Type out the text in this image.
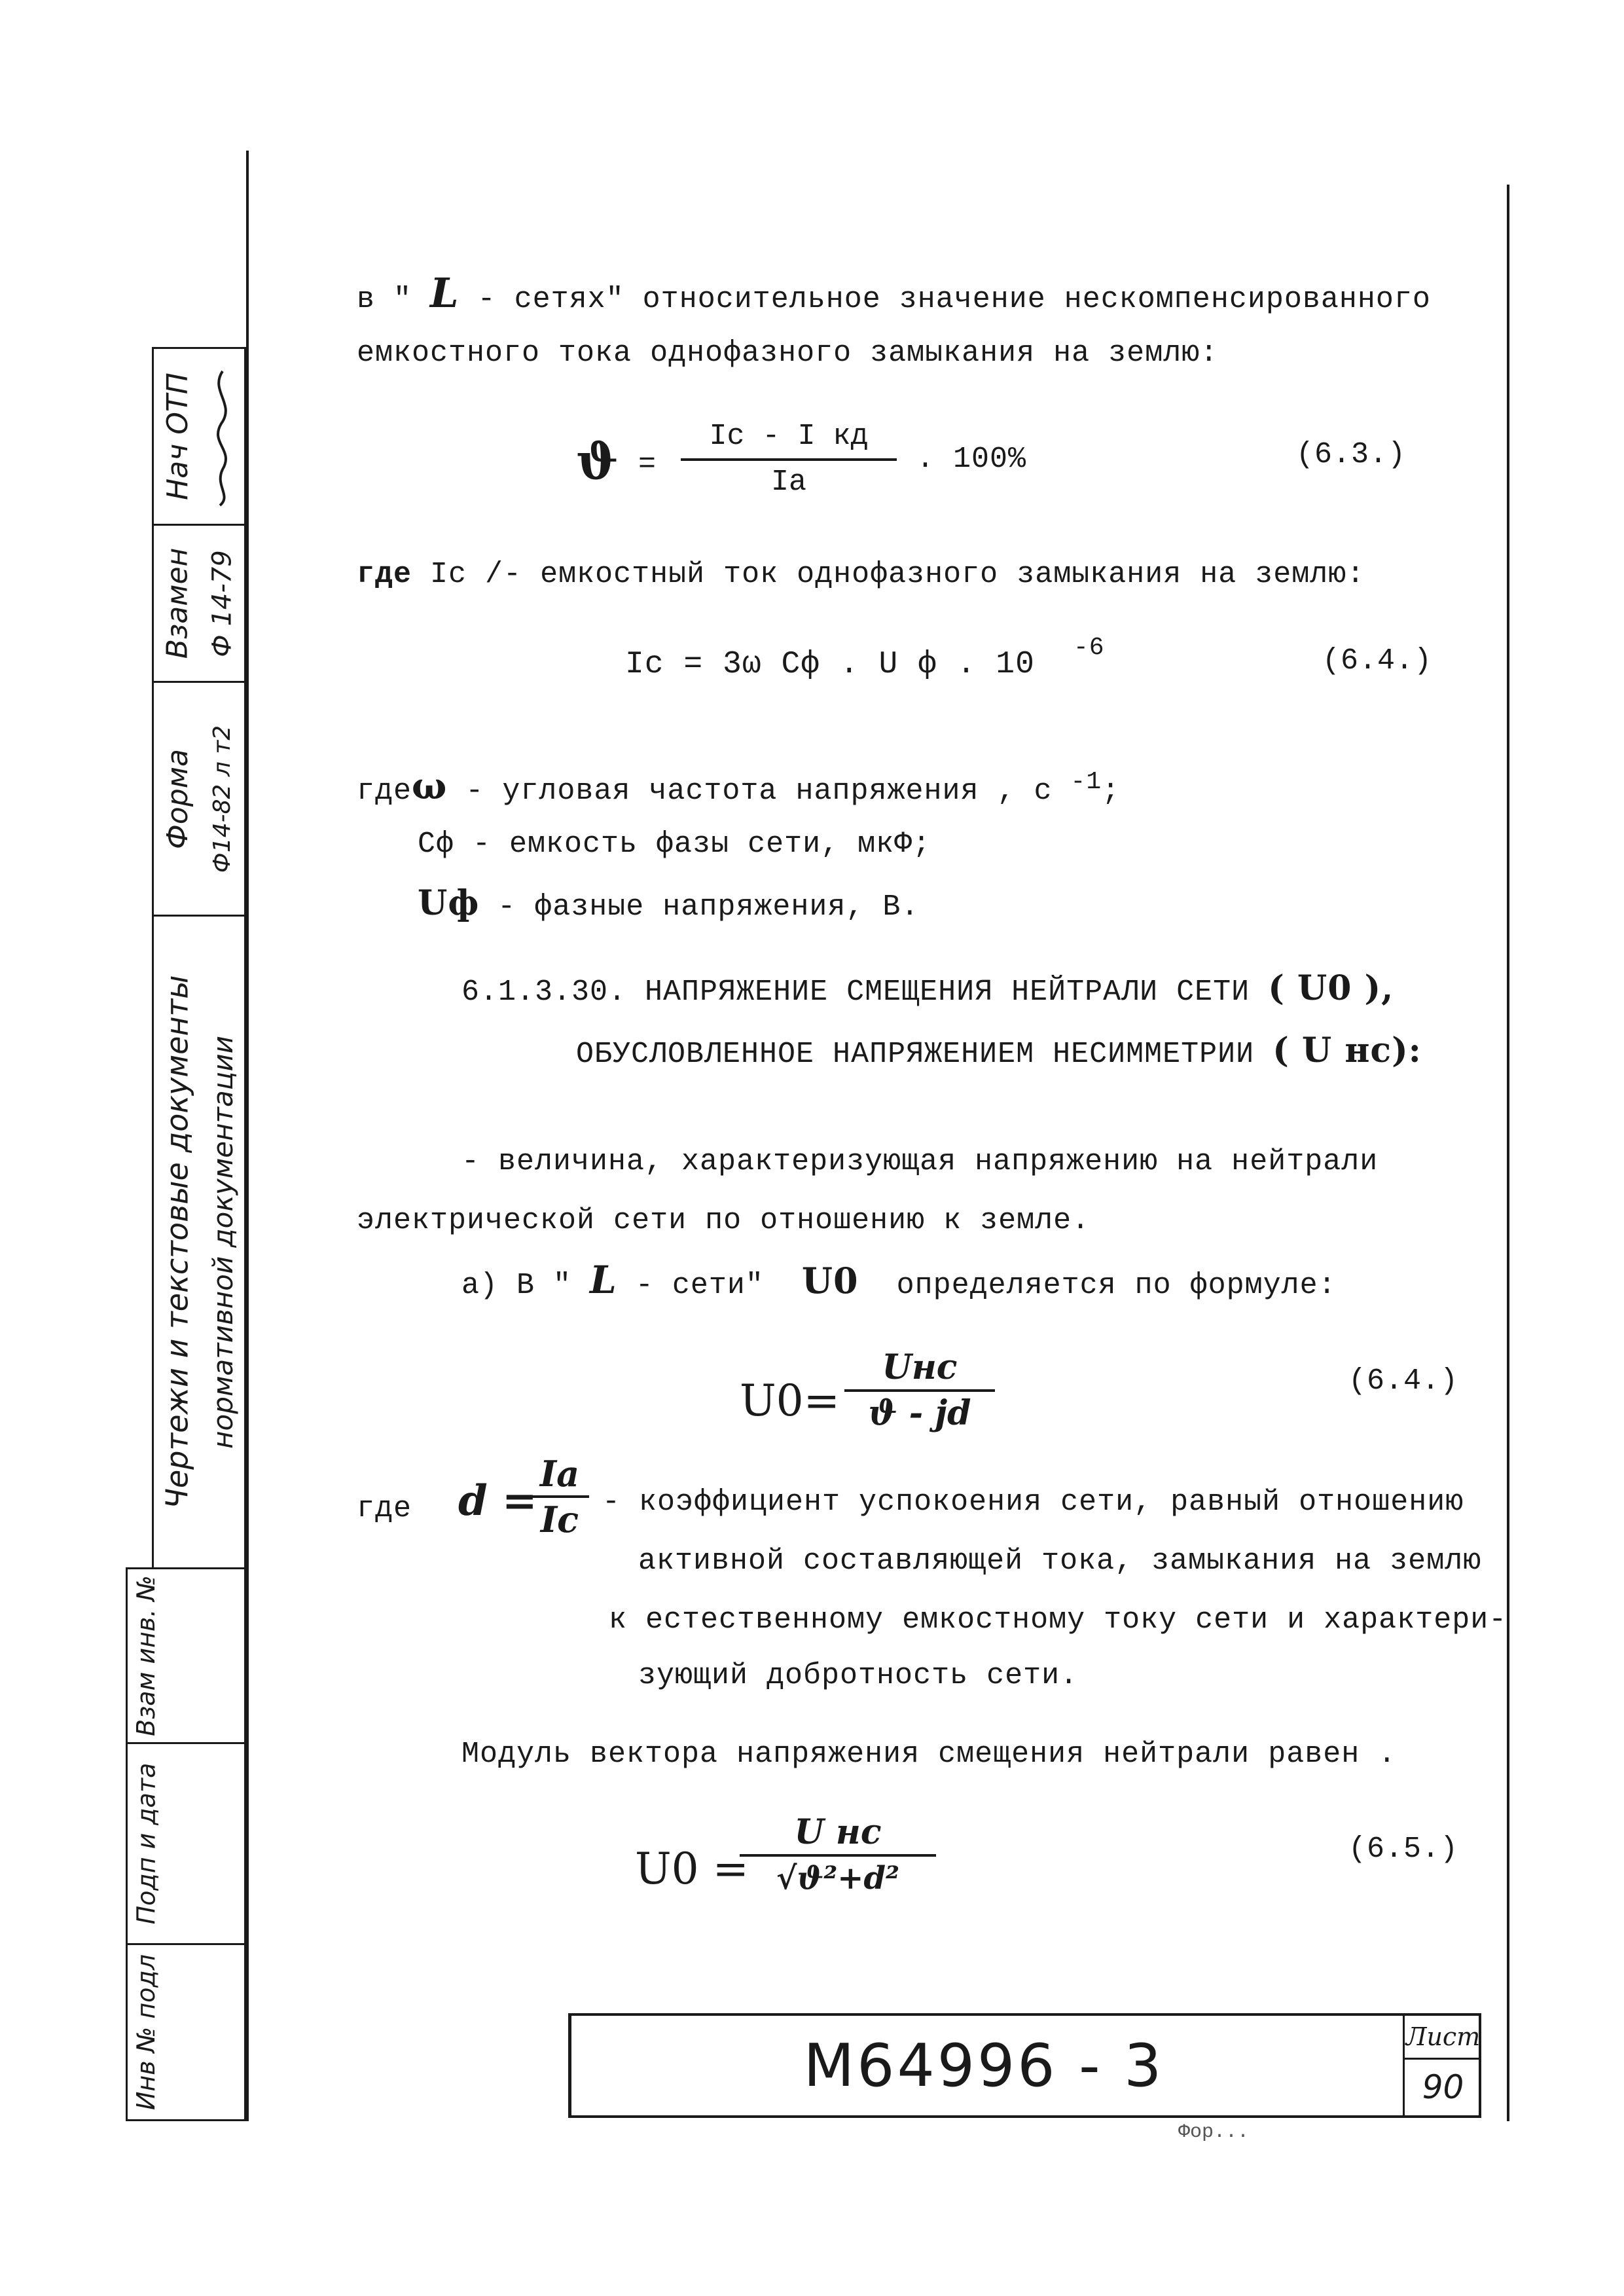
Форма Ф14-82 л т2
Взамен Ф 14-79
Нач ОТП
Чертежи и текстовые документы нормативной документации
Взам инв. №
Подп и дата
Инв № подл
в " L - сетях" относительное значение нескомпенсированного
емкостного тока однофазного замыкания на землю:
ϑ =
Ic - I кд
Ia
. 100%	(6.3.)
где Ic /- емкостный ток однофазного замыкания на землю:
Ic = 3ω Cф . U ф . 10 -6	(6.4.)
гдеω - угловая частота напряжения , с $^{-1}$;
Сф - емкость фазы сети, мкФ;
Uф - фазные напряжения, В.
6.1.3.30. НАПРЯЖЕНИЕ СМЕЩЕНИЯ НЕЙТРАЛИ СЕТИ ( U0 ),
ОБУСЛОВЛЕННОЕ НАПРЯЖЕНИЕМ НЕСИММЕТРИИ ( U нс):
- величина, характеризующая напряжению на нейтрали
электрической сети по отношению к земле.
а) В " L - сети" U0 определяется по формуле:
U0=
Uнс
ϑ - jd
(6.4.)
где d =
Ia
Ic - коэффициент успокоения сети, равный отношению
активной составляющей тока, замыкания на землю
к естественному емкостному току сети и характери-
зующий добротность сети.
Модуль вектора напряжения смещения нейтрали равен .
U0 =
U нс
√ϑ²+d²
(6.5.)
M64996 - 3	Лист
90
Фор...
